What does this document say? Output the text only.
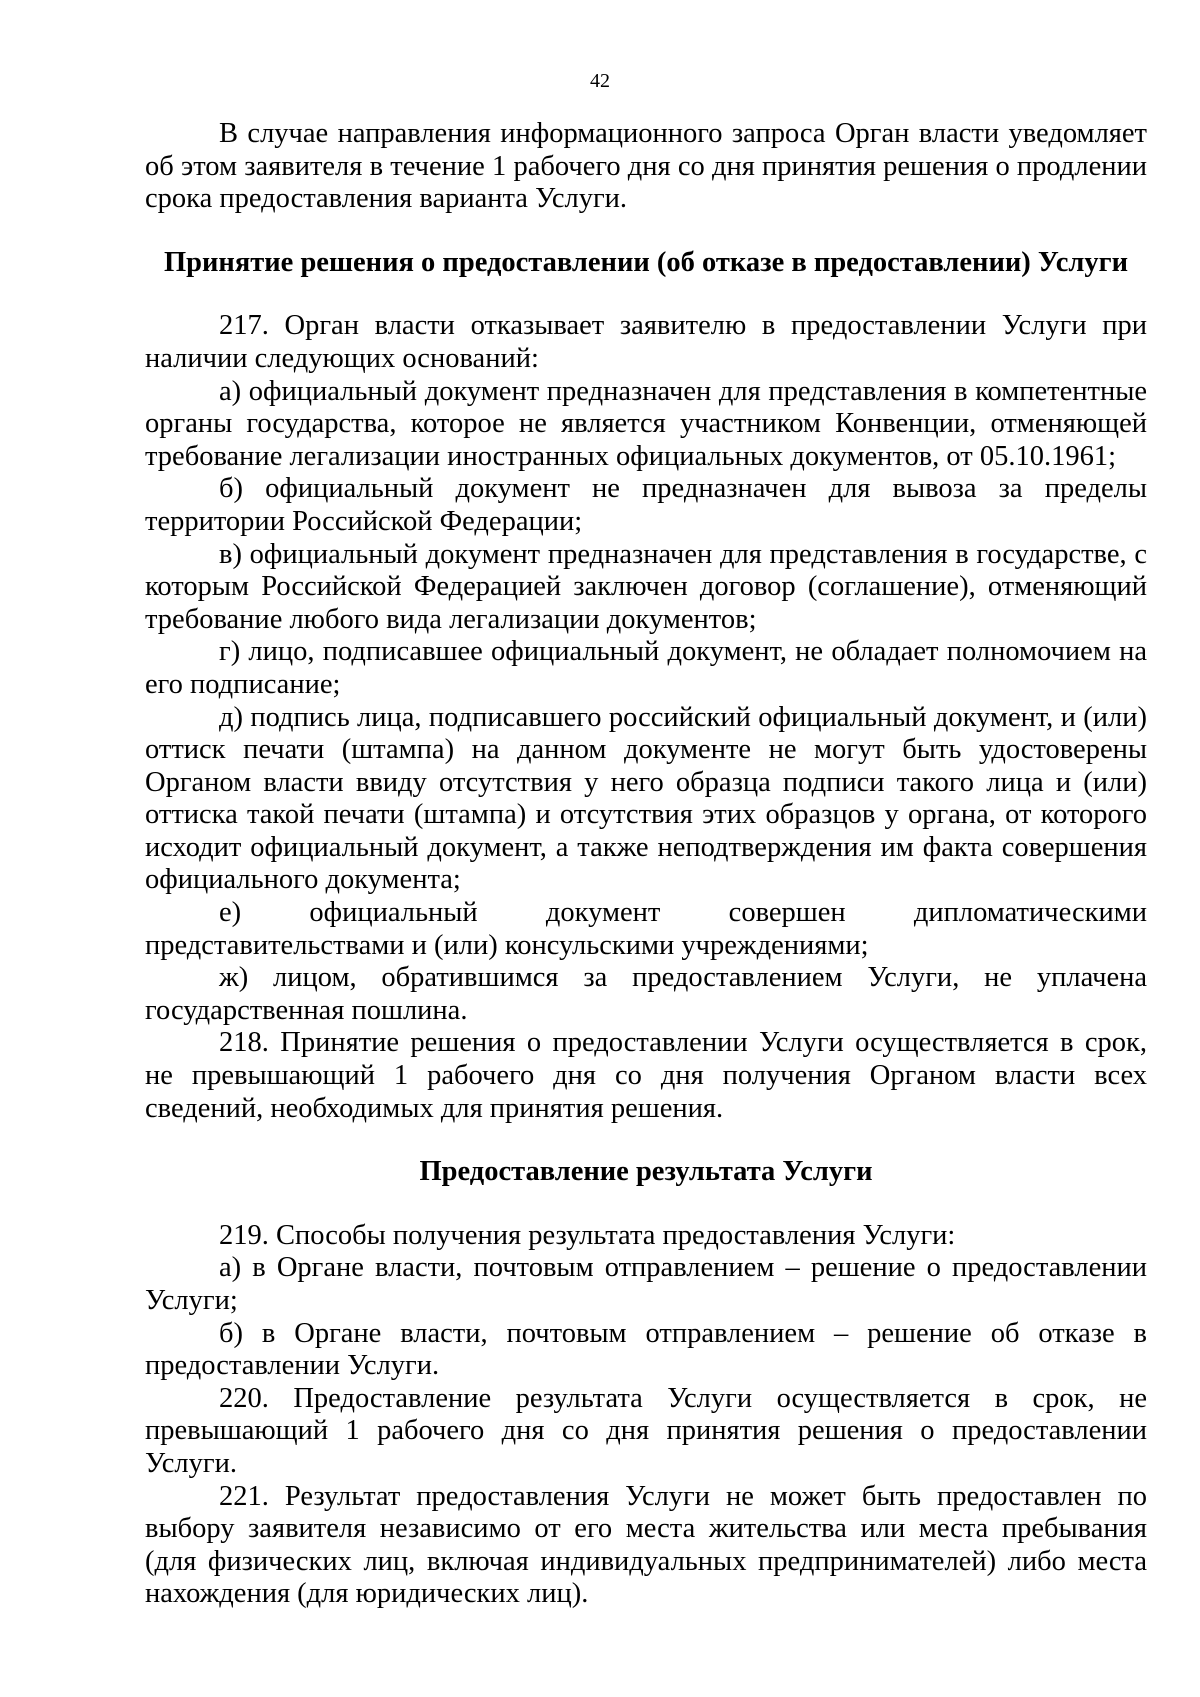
42

В случае направления информационного запроса Орган власти уведомляет об этом заявителя в течение 1 рабочего дня со дня принятия решения о продлении срока предоставления варианта Услуги.

Принятие решения о предоставлении (об отказе в предоставлении) Услуги

217. Орган власти отказывает заявителю в предоставлении Услуги при наличии следующих оснований:

а) официальный документ предназначен для представления в компетентные органы государства, которое не является участником Конвенции, отменяющей требование легализации иностранных официальных документов, от 05.10.1961;

б) официальный документ не предназначен для вывоза за пределы территории Российской Федерации;

в) официальный документ предназначен для представления в государстве, с которым Российской Федерацией заключен договор (соглашение), отменяющий требование любого вида легализации документов;

г) лицо, подписавшее официальный документ, не обладает полномочием на его подписание;

д) подпись лица, подписавшего российский официальный документ, и (или) оттиск печати (штампа) на данном документе не могут быть удостоверены Органом власти ввиду отсутствия у него образца подписи такого лица и (или) оттиска такой печати (штампа) и отсутствия этих образцов у органа, от которого исходит официальный документ, а также неподтверждения им факта совершения официального документа;

е) официальный документ совершен дипломатическими представительствами и (или) консульскими учреждениями;

ж) лицом, обратившимся за предоставлением Услуги, не уплачена государственная пошлина.

218. Принятие решения о предоставлении Услуги осуществляется в срок, не превышающий 1 рабочего дня со дня получения Органом власти всех сведений, необходимых для принятия решения.

Предоставление результата Услуги

219. Способы получения результата предоставления Услуги:

а) в Органе власти, почтовым отправлением – решение о предоставлении Услуги;

б) в Органе власти, почтовым отправлением – решение об отказе в предоставлении Услуги.

220. Предоставление результата Услуги осуществляется в срок, не превышающий 1 рабочего дня со дня принятия решения о предоставлении Услуги.

221. Результат предоставления Услуги не может быть предоставлен по выбору заявителя независимо от его места жительства или места пребывания (для физических лиц, включая индивидуальных предпринимателей) либо места нахождения (для юридических лиц).
